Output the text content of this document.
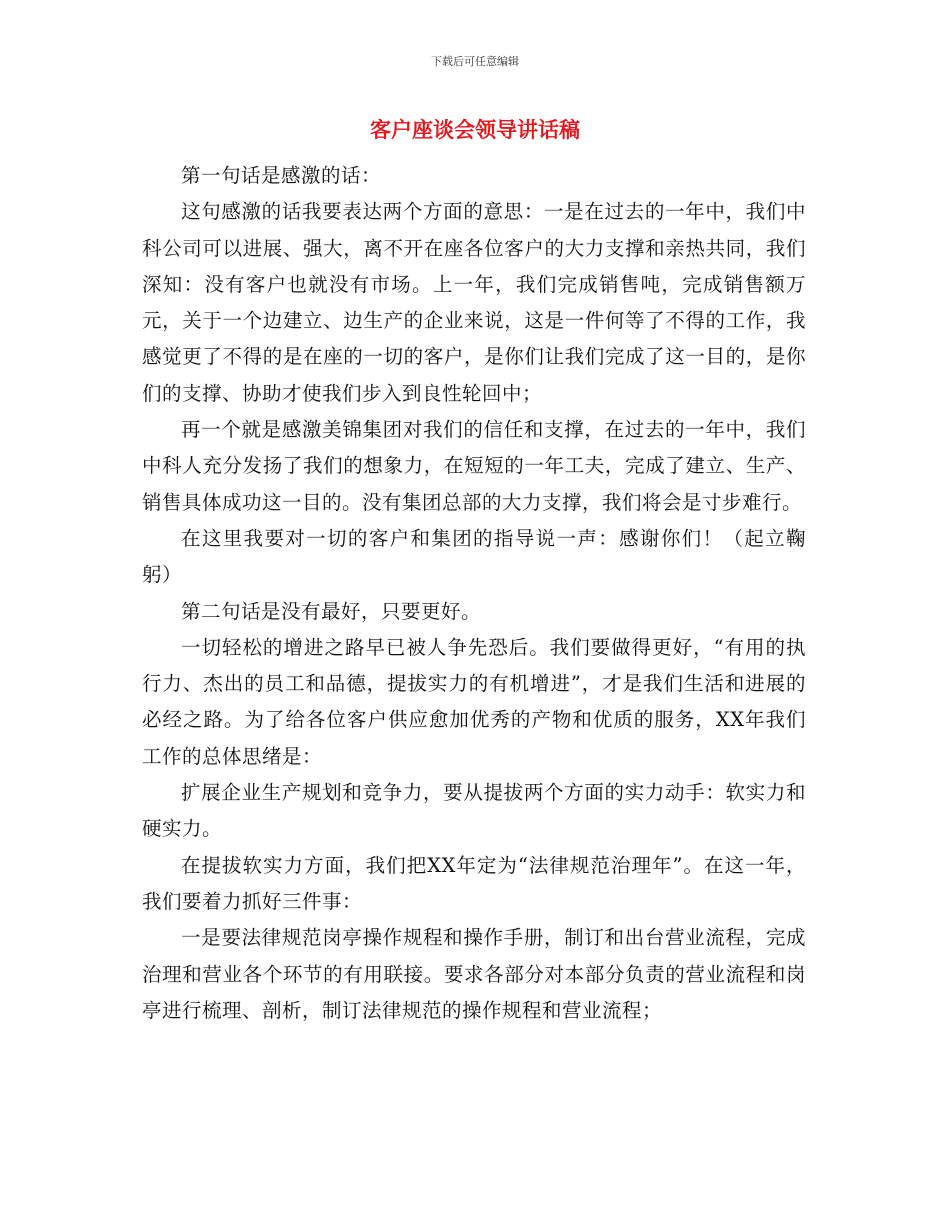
下载后可任意编辑
客户座谈会领导讲话稿

第一句话是感激的话：

这句感激的话我要表达两个方面的意思：一是在过去的一年中，我们中科公司可以进展、强大，离不开在座各位客户的大力支撑和亲热共同，我们深知：没有客户也就没有市场。上一年，我们完成销售吨，完成销售额万元，关于一个边建立、边生产的企业来说，这是一件何等了不得的工作，我感觉更了不得的是在座的一切的客户，是你们让我们完成了这一目的，是你们的支撑、协助才使我们步入到良性轮回中；

再一个就是感激美锦集团对我们的信任和支撑，在过去的一年中，我们中科人充分发扬了我们的想象力，在短短的一年工夫，完成了建立、生产、销售具体成功这一目的。没有集团总部的大力支撑，我们将会是寸步难行。

在这里我要对一切的客户和集团的指导说一声：感谢你们！（起立鞠躬）

第二句话是没有最好，只要更好。

一切轻松的增进之路早已被人争先恐后。我们要做得更好，“有用的执行力、杰出的员工和品德，提拔实力的有机增进”，才是我们生活和进展的必经之路。为了给各位客户供应愈加优秀的产物和优质的服务，XX年我们工作的总体思绪是：

扩展企业生产规划和竞争力，要从提拔两个方面的实力动手：软实力和硬实力。

在提拔软实力方面，我们把XX年定为“法律规范治理年”。在这一年，我们要着力抓好三件事：

一是要法律规范岗亭操作规程和操作手册，制订和出台营业流程，完成治理和营业各个环节的有用联接。要求各部分对本部分负责的营业流程和岗亭进行梳理、剖析，制订法律规范的操作规程和营业流程；
